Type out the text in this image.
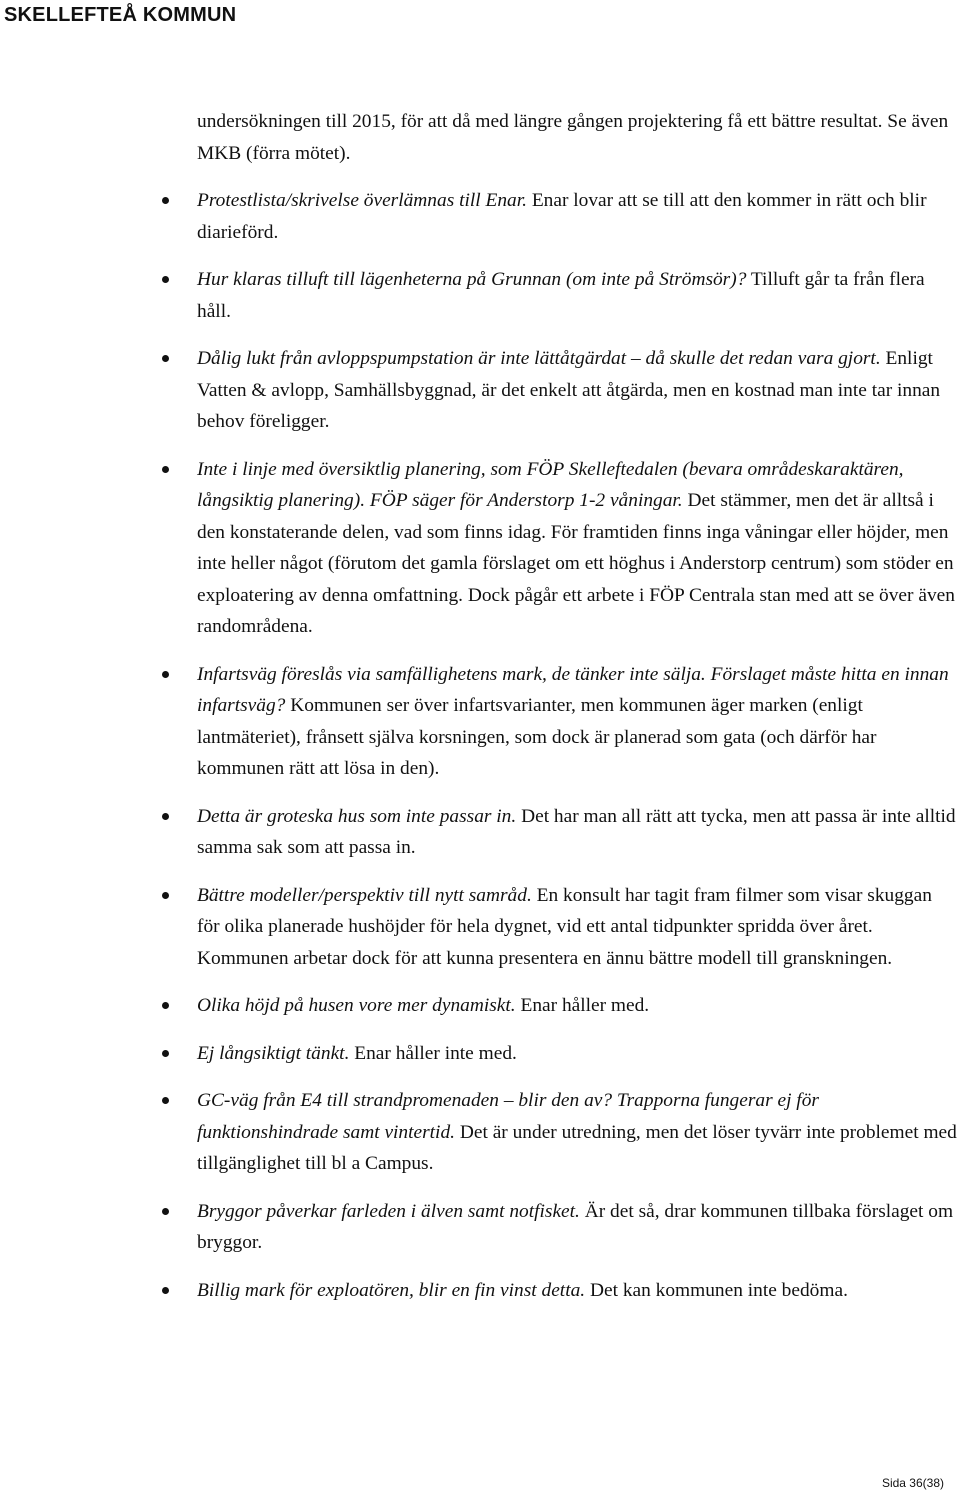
SKELLEFTEÅ KOMMUN

undersökningen till 2015, för att då med längre gången projektering få ett bättre resultat. Se även MKB (förra mötet).

Protestlista/skrivelse överlämnas till Enar. Enar lovar att se till att den kommer in rätt och blir diarieförd.
Hur klaras tilluft till lägenheterna på Grunnan (om inte på Strömsör)? Tilluft går ta från flera håll.
Dålig lukt från avloppspumpstation är inte lättåtgärdat – då skulle det redan vara gjort. Enligt Vatten & avlopp, Samhällsbyggnad, är det enkelt att åtgärda, men en kostnad man inte tar innan behov föreligger.
Inte i linje med översiktlig planering, som FÖP Skelleftedalen (bevara områdeskaraktären, långsiktig planering). FÖP säger för Anderstorp 1-2 våningar. Det stämmer, men det är alltså i den konstaterande delen, vad som finns idag. För framtiden finns inga våningar eller höjder, men inte heller något (förutom det gamla förslaget om ett höghus i Anderstorp centrum) som stöder en exploatering av denna omfattning. Dock pågår ett arbete i FÖP Centrala stan med att se över även randområdena.
Infartsväg föreslås via samfällighetens mark, de tänker inte sälja. Förslaget måste hitta en innan infartsväg? Kommunen ser över infartsvarianter, men kommunen äger marken (enligt lantmäteriet), frånsett själva korsningen, som dock är planerad som gata (och därför har kommunen rätt att lösa in den).
Detta är groteska hus som inte passar in. Det har man all rätt att tycka, men att passa är inte alltid samma sak som att passa in.
Bättre modeller/perspektiv till nytt samråd. En konsult har tagit fram filmer som visar skuggan för olika planerade hushöjder för hela dygnet, vid ett antal tidpunkter spridda över året. Kommunen arbetar dock för att kunna presentera en ännu bättre modell till granskningen.
Olika höjd på husen vore mer dynamiskt. Enar håller med.
Ej långsiktigt tänkt. Enar håller inte med.
GC-väg från E4 till strandpromenaden – blir den av? Trapporna fungerar ej för funktionshindrade samt vintertid. Det är under utredning, men det löser tyvärr inte problemet med tillgänglighet till bl a Campus.
Bryggor påverkar farleden i älven samt notfisket. Är det så, drar kommunen tillbaka förslaget om bryggor.
Billig mark för exploatören, blir en fin vinst detta. Det kan kommunen inte bedöma.
Sida 36(38)
